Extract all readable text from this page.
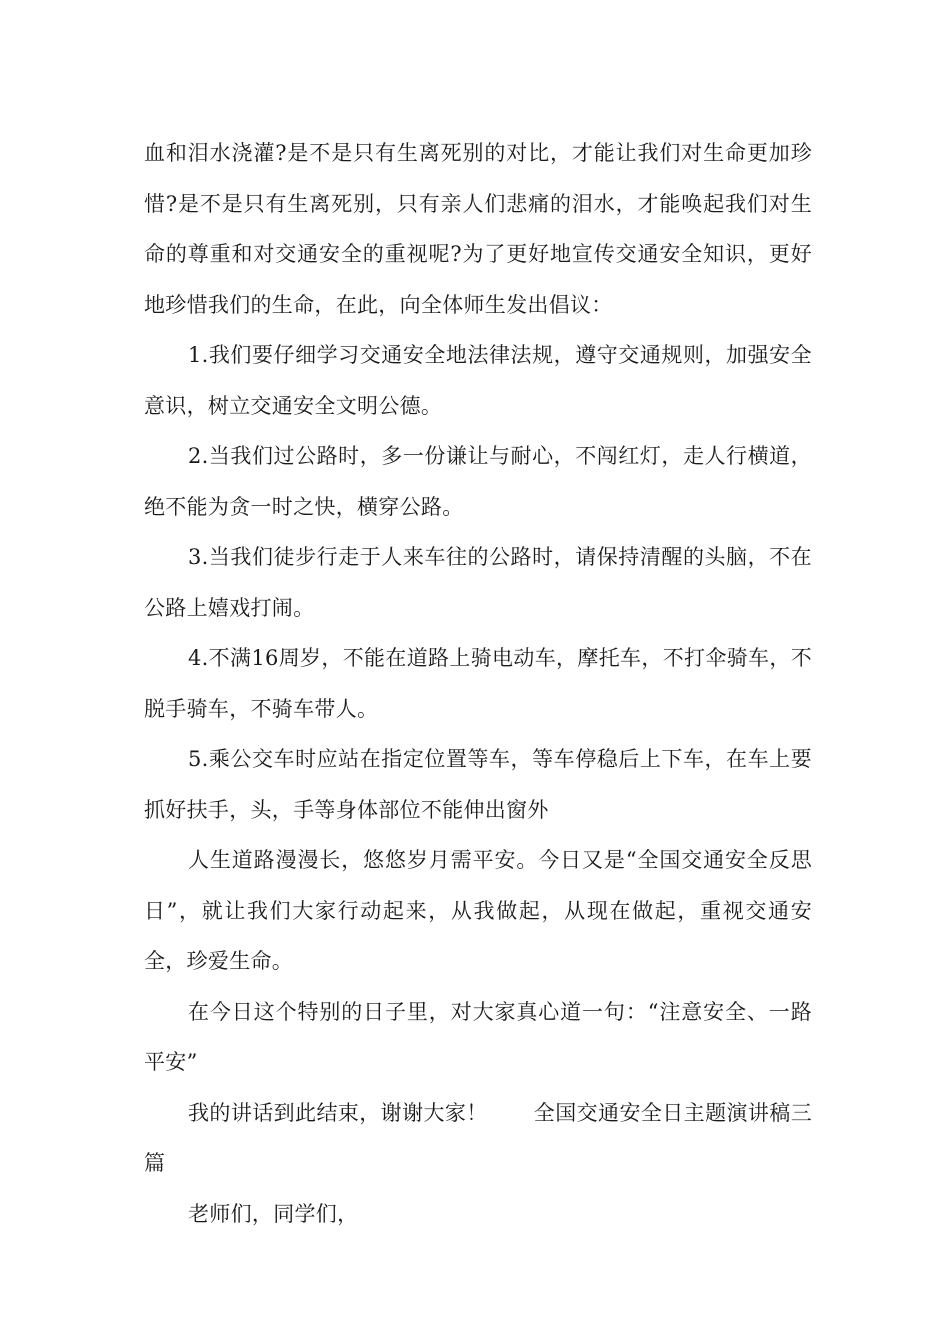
血和泪水浇灌?是不是只有生离死别的对比，才能让我们对生命更加珍惜?是不是只有生离死别，只有亲人们悲痛的泪水，才能唤起我们对生命的尊重和对交通安全的重视呢?为了更好地宣传交通安全知识，更好地珍惜我们的生命，在此，向全体师生发出倡议：

1.我们要仔细学习交通安全地法律法规，遵守交通规则，加强安全意识，树立交通安全文明公德。

2.当我们过公路时，多一份谦让与耐心，不闯红灯，走人行横道，绝不能为贪一时之快，横穿公路。

3.当我们徒步行走于人来车往的公路时，请保持清醒的头脑，不在公路上嬉戏打闹。

4.不满16周岁，不能在道路上骑电动车，摩托车，不打伞骑车，不脱手骑车，不骑车带人。

5.乘公交车时应站在指定位置等车，等车停稳后上下车，在车上要抓好扶手，头，手等身体部位不能伸出窗外

人生道路漫漫长，悠悠岁月需平安。今日又是“全国交通安全反思日”，就让我们大家行动起来，从我做起，从现在做起，重视交通安全，珍爱生命。

在今日这个特别的日子里，对大家真心道一句：“注意安全、一路平安”

我的讲话到此结束，谢谢大家！ 全国交通安全日主题演讲稿三篇

老师们，同学们，
